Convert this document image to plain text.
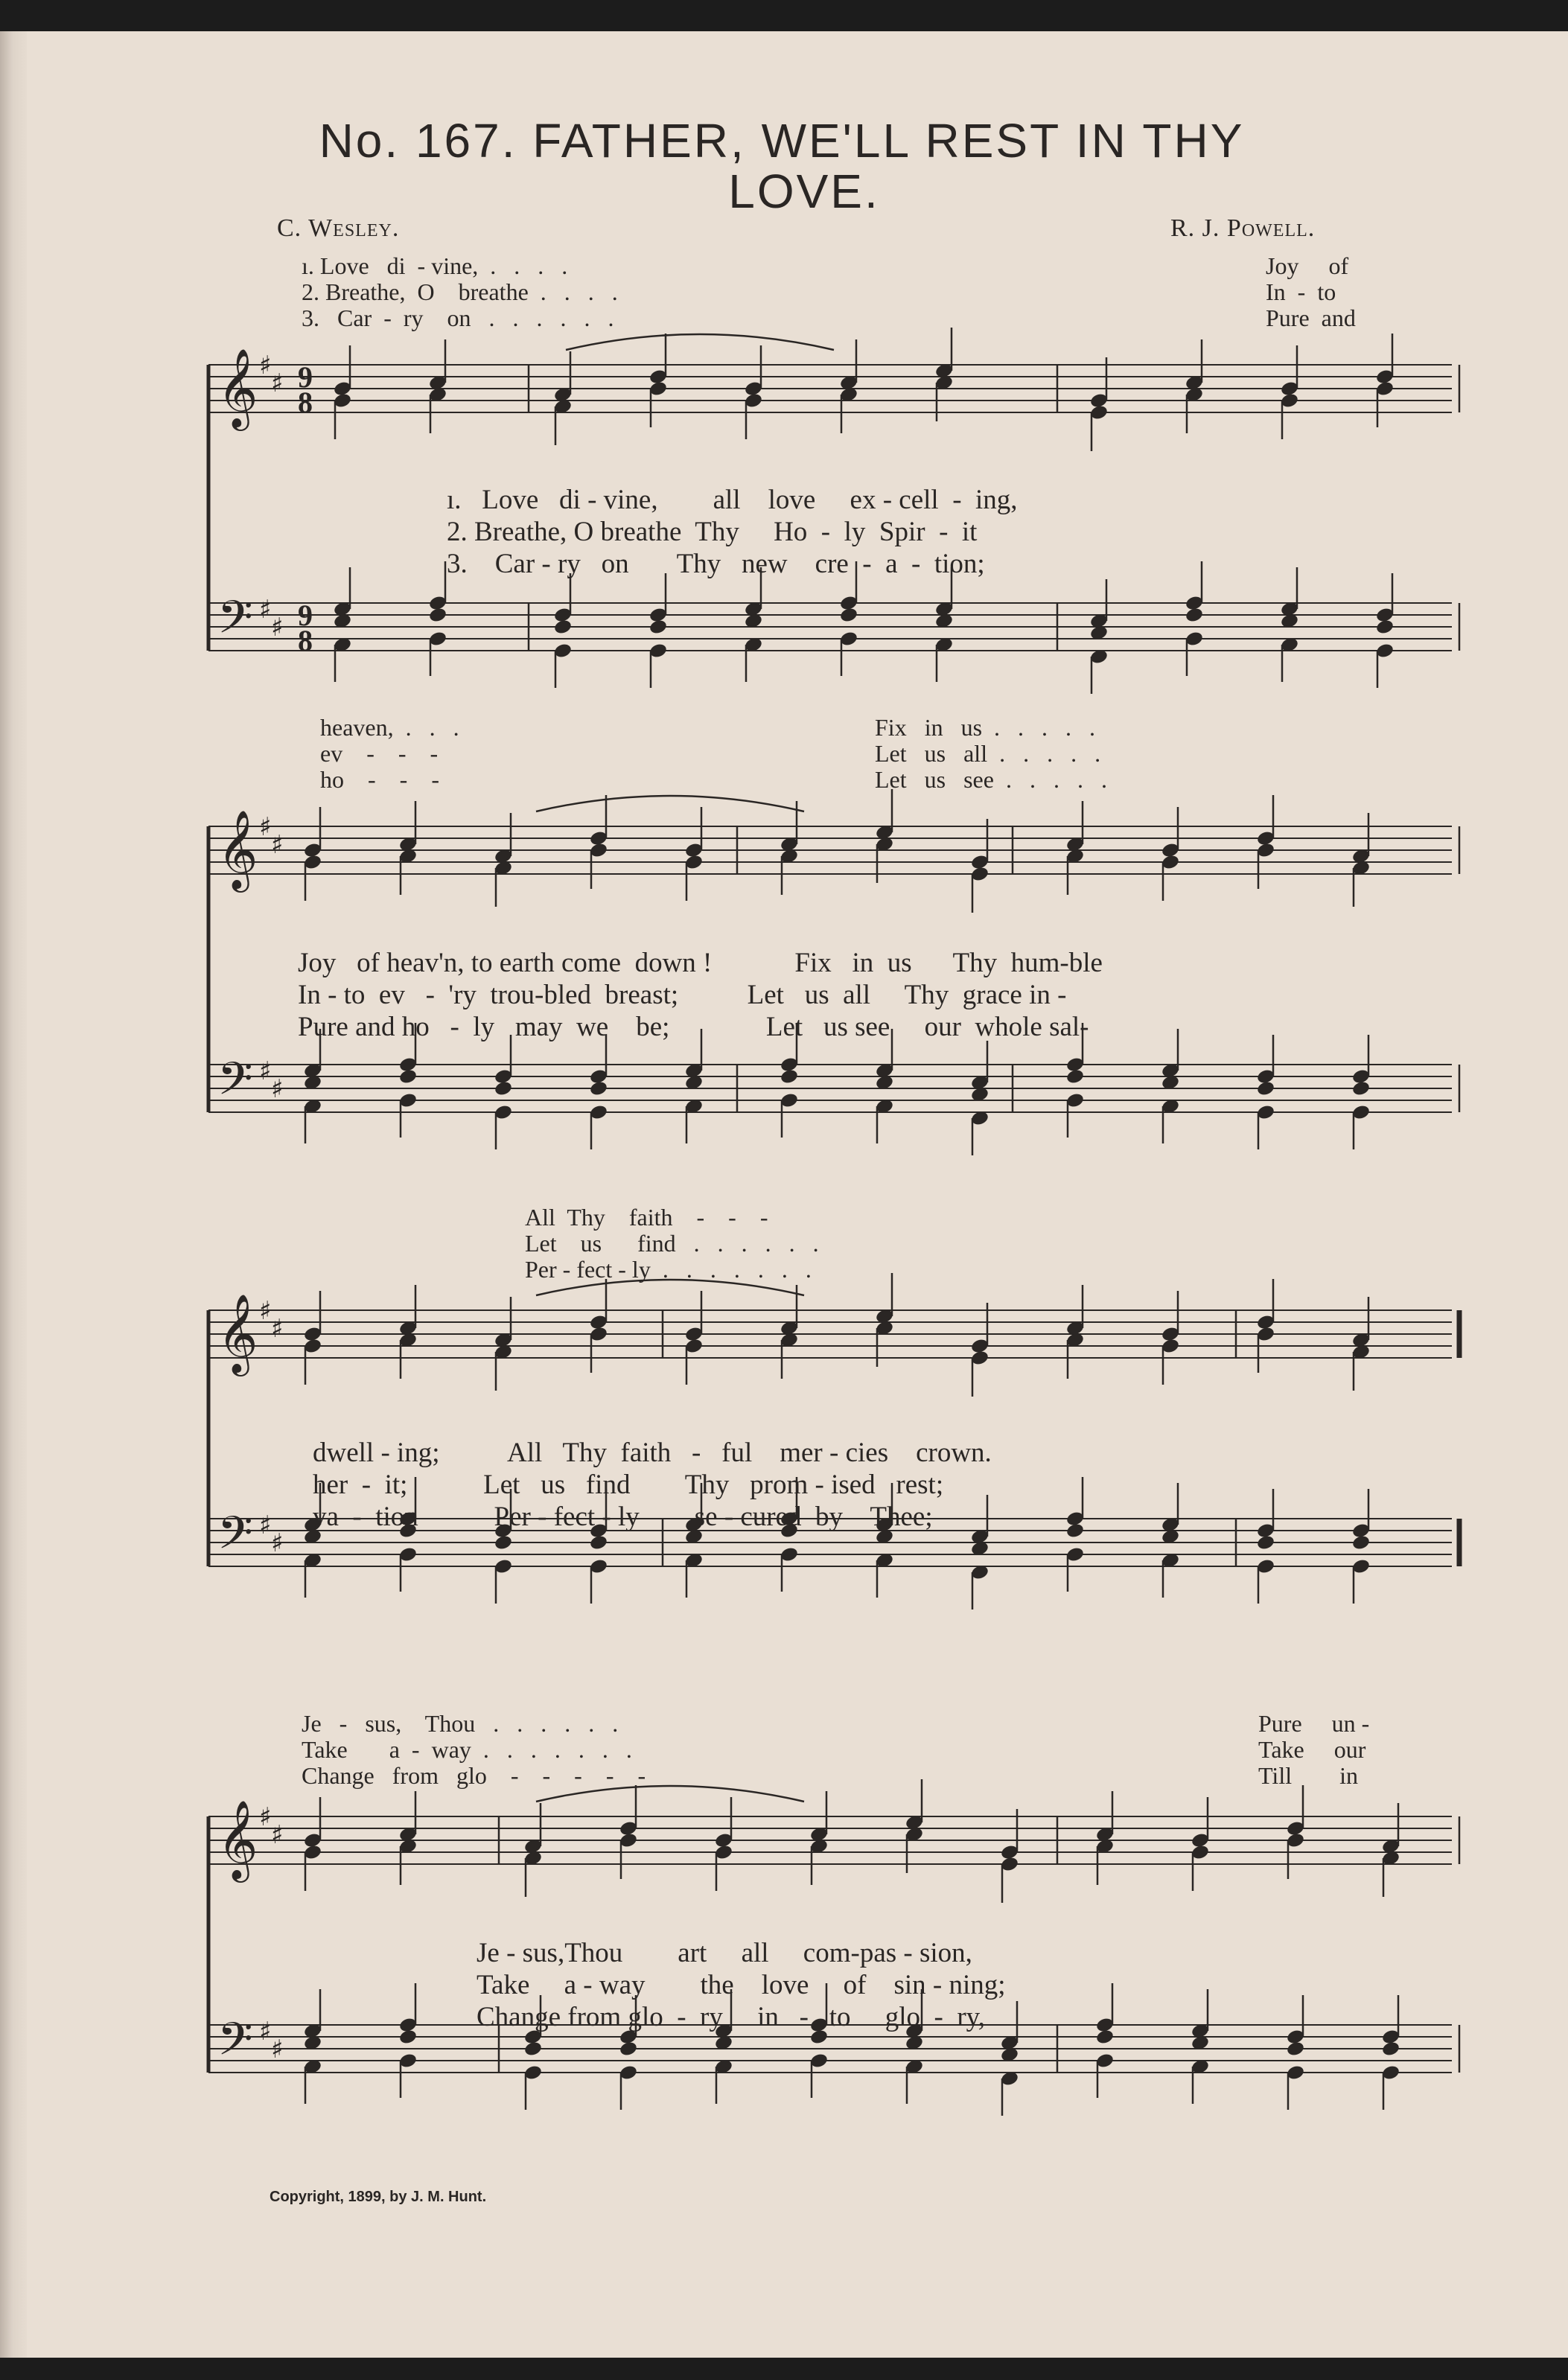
No. 167. FATHER, WE'LL REST IN THY
LOVE.
C. Wesley.	R. J. Powell.
ı. Love   di  - vine,  .   .   .   .
2. Breathe,  O    breathe  .   .   .   .
3.   Car  -  ry    on   .   .   .   .   .   .
Joy     of
In  -  to
Pure  and
𝄞
𝄢
♯
♯
♯
♯
9
8
9
8
ı.   Love   di - vine,        all    love     ex - cell  -  ing,
2. Breathe, O breathe  Thy     Ho  -  ly  Spir  -  it
3.    Car - ry   on       Thy   new    cre  -  a  -  tion;
heaven,  .   .   .
ev    -    -    -
ho    -    -    -
Fix   in   us  .   .   .   .   .
Let   us   all  .   .   .   .   .
Let   us   see  .   .   .   .   .
𝄞
𝄢
♯
♯
♯
♯
Joy   of heav'n, to earth come  down !            Fix   in  us      Thy  hum-ble
In - to  ev   -  'ry  trou-bled  breast;          Let   us  all     Thy  grace in -
Pure and ho   -  ly   may  we    be;              Let   us see     our  whole sal-
All  Thy    faith    -    -    -
Let    us      find   .   .   .   .   .   .
Per - fect - ly  .   .   .   .   .   .   .
𝄞
𝄢
♯
♯
♯
♯
dwell - ing;          All   Thy  faith   -   ful    mer - cies    crown.
her  -  it;           Let   us   find        Thy   prom - ised   rest;
va  -  tion           Per - fect - ly        se - cured  by    Thee;
Je   -   sus,    Thou   .   .   .   .   .   .
Take       a  -  way  .   .   .   .   .   .   .
Change   from   glo    -    -    -    -    -
Pure     un -
Take     our
Till        in
𝄞
𝄢
♯
♯
♯
♯
Je - sus,Thou        art     all     com-pas - sion,
Take     a - way        the    love     of    sin - ning;
Change from glo  -  ry     in   -   to     glo  -  ry,
Copyright, 1899, by J. M. Hunt.
